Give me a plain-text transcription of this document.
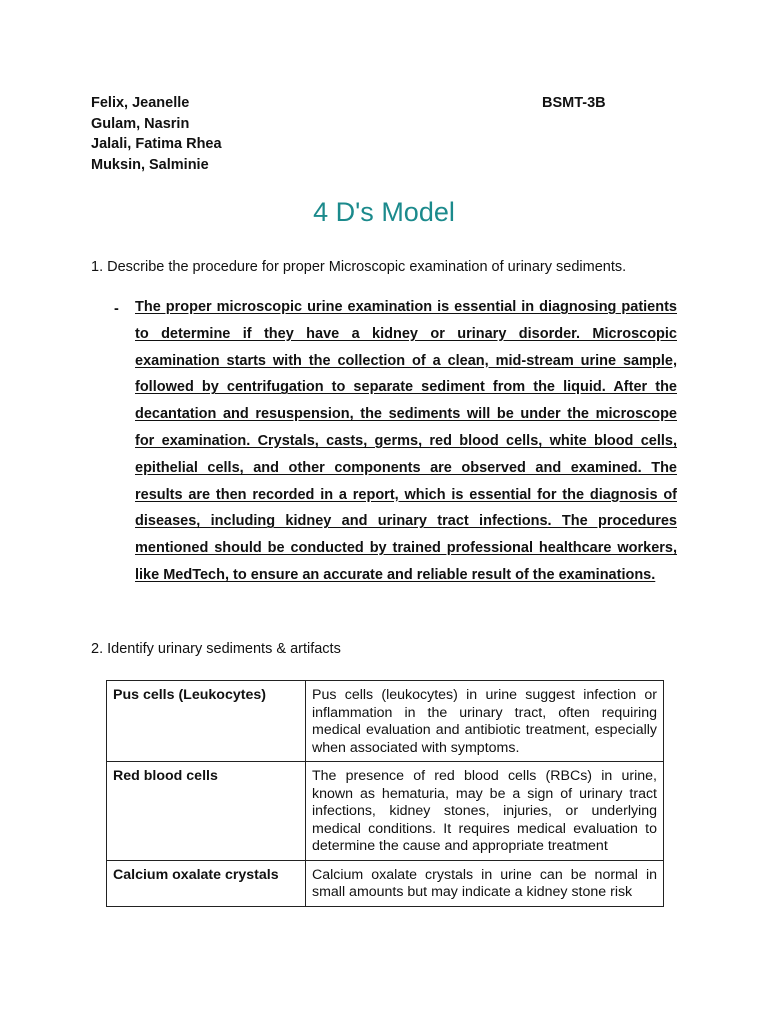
Felix, Jeanelle
Gulam, Nasrin
Jalali, Fatima Rhea
Muksin, Salminie
BSMT-3B
4 D's Model
1. Describe the procedure for proper Microscopic examination of urinary sediments.
- The proper microscopic urine examination is essential in diagnosing patients to determine if they have a kidney or urinary disorder. Microscopic examination starts with the collection of a clean, mid-stream urine sample, followed by centrifugation to separate sediment from the liquid. After the decantation and resuspension, the sediments will be under the microscope for examination. Crystals, casts, germs, red blood cells, white blood cells, epithelial cells, and other components are observed and examined. The results are then recorded in a report, which is essential for the diagnosis of diseases, including kidney and urinary tract infections. The procedures mentioned should be conducted by trained professional healthcare workers, like MedTech, to ensure an accurate and reliable result of the examinations.
2. Identify urinary sediments & artifacts
Pus cells (Leukocytes)	Pus cells (leukocytes) in urine suggest infection or inflammation in the urinary tract, often requiring medical evaluation and antibiotic treatment, especially when associated with symptoms.
Red blood cells	The presence of red blood cells (RBCs) in urine, known as hematuria, may be a sign of urinary tract infections, kidney stones, injuries, or underlying medical conditions. It requires medical evaluation to determine the cause and appropriate treatment
Calcium oxalate crystals	Calcium oxalate crystals in urine can be normal in small amounts but may indicate a kidney stone risk
